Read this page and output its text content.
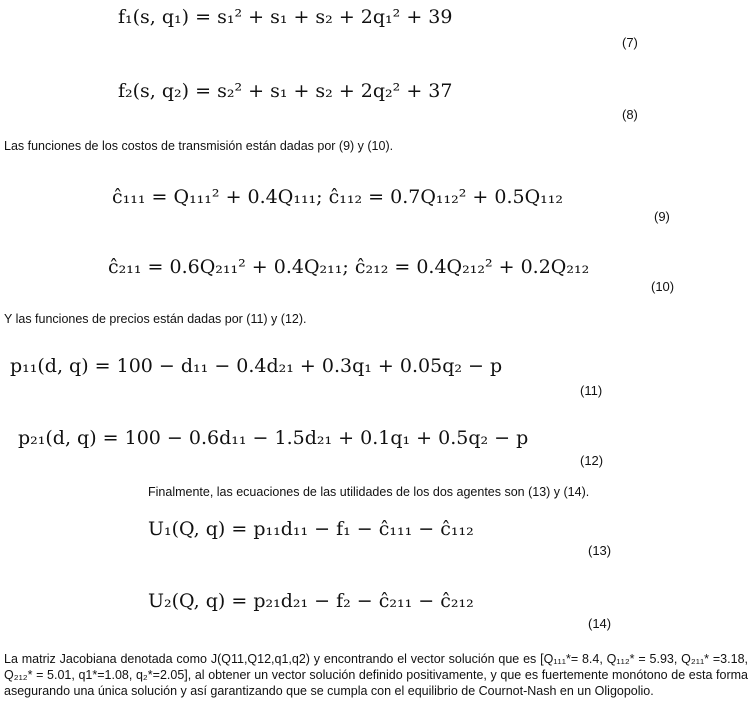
f₁(s, q₁) = s₁² + s₁ + s₂ + 2q₁² + 39
(7)
f₂(s, q₂) = s₂² + s₁ + s₂ + 2q₂² + 37
(8)
Las funciones de los costos de transmisión están dadas por (9) y (10).
ĉ₁₁₁ = Q₁₁₁² + 0.4Q₁₁₁; ĉ₁₁₂ = 0.7Q₁₁₂² + 0.5Q₁₁₂
(9)
ĉ₂₁₁ = 0.6Q₂₁₁² + 0.4Q₂₁₁; ĉ₂₁₂ = 0.4Q₂₁₂² + 0.2Q₂₁₂
(10)
Y las funciones de precios están dadas por (11) y (12).
p₁₁(d, q) = 100 − d₁₁ − 0.4d₂₁ + 0.3q₁ + 0.05q₂ − p
(11)
p₂₁(d, q) = 100 − 0.6d₁₁ − 1.5d₂₁ + 0.1q₁ + 0.5q₂ − p
(12)
Finalmente, las ecuaciones de las utilidades de los dos agentes son (13) y (14).
U₁(Q, q) = p₁₁d₁₁ − f₁ − ĉ₁₁₁ − ĉ₁₁₂
(13)
U₂(Q, q) = p₂₁d₂₁ − f₂ − ĉ₂₁₁ − ĉ₂₁₂
(14)
La matriz Jacobiana denotada como J(Q11,Q12,q1,q2) y encontrando el vector solución que es [Q₁₁₁*= 8.4, Q₁₁₂* = 5.93, Q₂₁₁* =3.18, Q₂₁₂* = 5.01, q1*=1.08, q₂*=2.05], al obtener un vector solución definido positivamente, y que es fuertemente monótono de esta forma asegurando una única solución y así garantizando que se cumpla con el equilibrio de Cournot-Nash en un Oligopolio.
